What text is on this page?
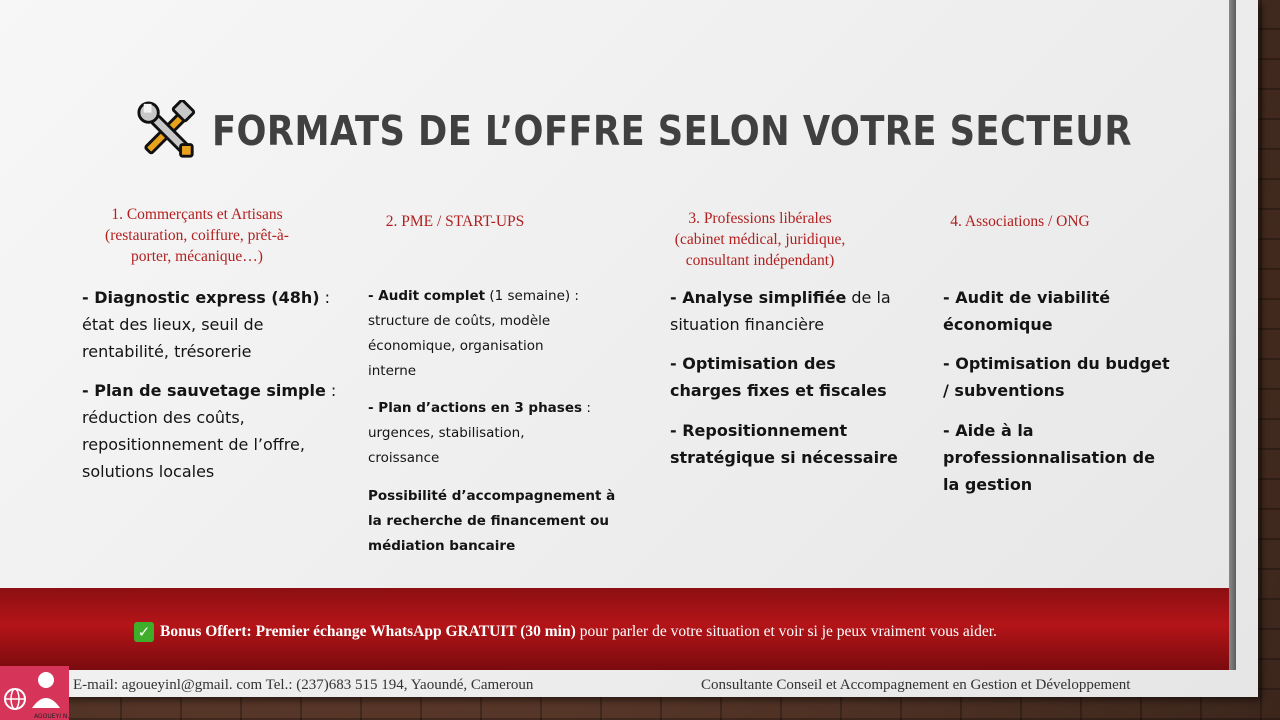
FORMATS DE L’OFFRE SELON VOTRE SECTEUR
1. Commerçants et Artisans
(restauration, coiffure, prêt-à-
porter, mécanique…)
- Diagnostic express (48h) :
état des lieux, seuil de
rentabilité, trésorerie
- Plan de sauvetage simple :
réduction des coûts,
repositionnement de l’offre,
solutions locales
2. PME / START-UPS
- Audit complet (1 semaine) :
structure de coûts, modèle
économique, organisation
interne
- Plan d’actions en 3 phases :
urgences, stabilisation,
croissance
Possibilité d’accompagnement à
la recherche de financement ou
médiation bancaire
3. Professions libérales
(cabinet médical, juridique,
consultant indépendant)
- Analyse simplifiée de la
situation financière
- Optimisation des
charges fixes et fiscales
- Repositionnement
stratégique si nécessaire
4. Associations / ONG
- Audit de viabilité
économique
- Optimisation du budget
/ subventions
- Aide à la
professionnalisation de
la gestion
✓ Bonus Offert: Premier échange WhatsApp GRATUIT (30 min) pour parler de votre situation et voir si je peux vraiment vous aider.
AGOUEYI N.L
E-mail: agoueyinl@gmail. com Tel.: (237)683 515 194, Yaoundé, Cameroun	Consultante Conseil et Accompagnement en Gestion et Développement
